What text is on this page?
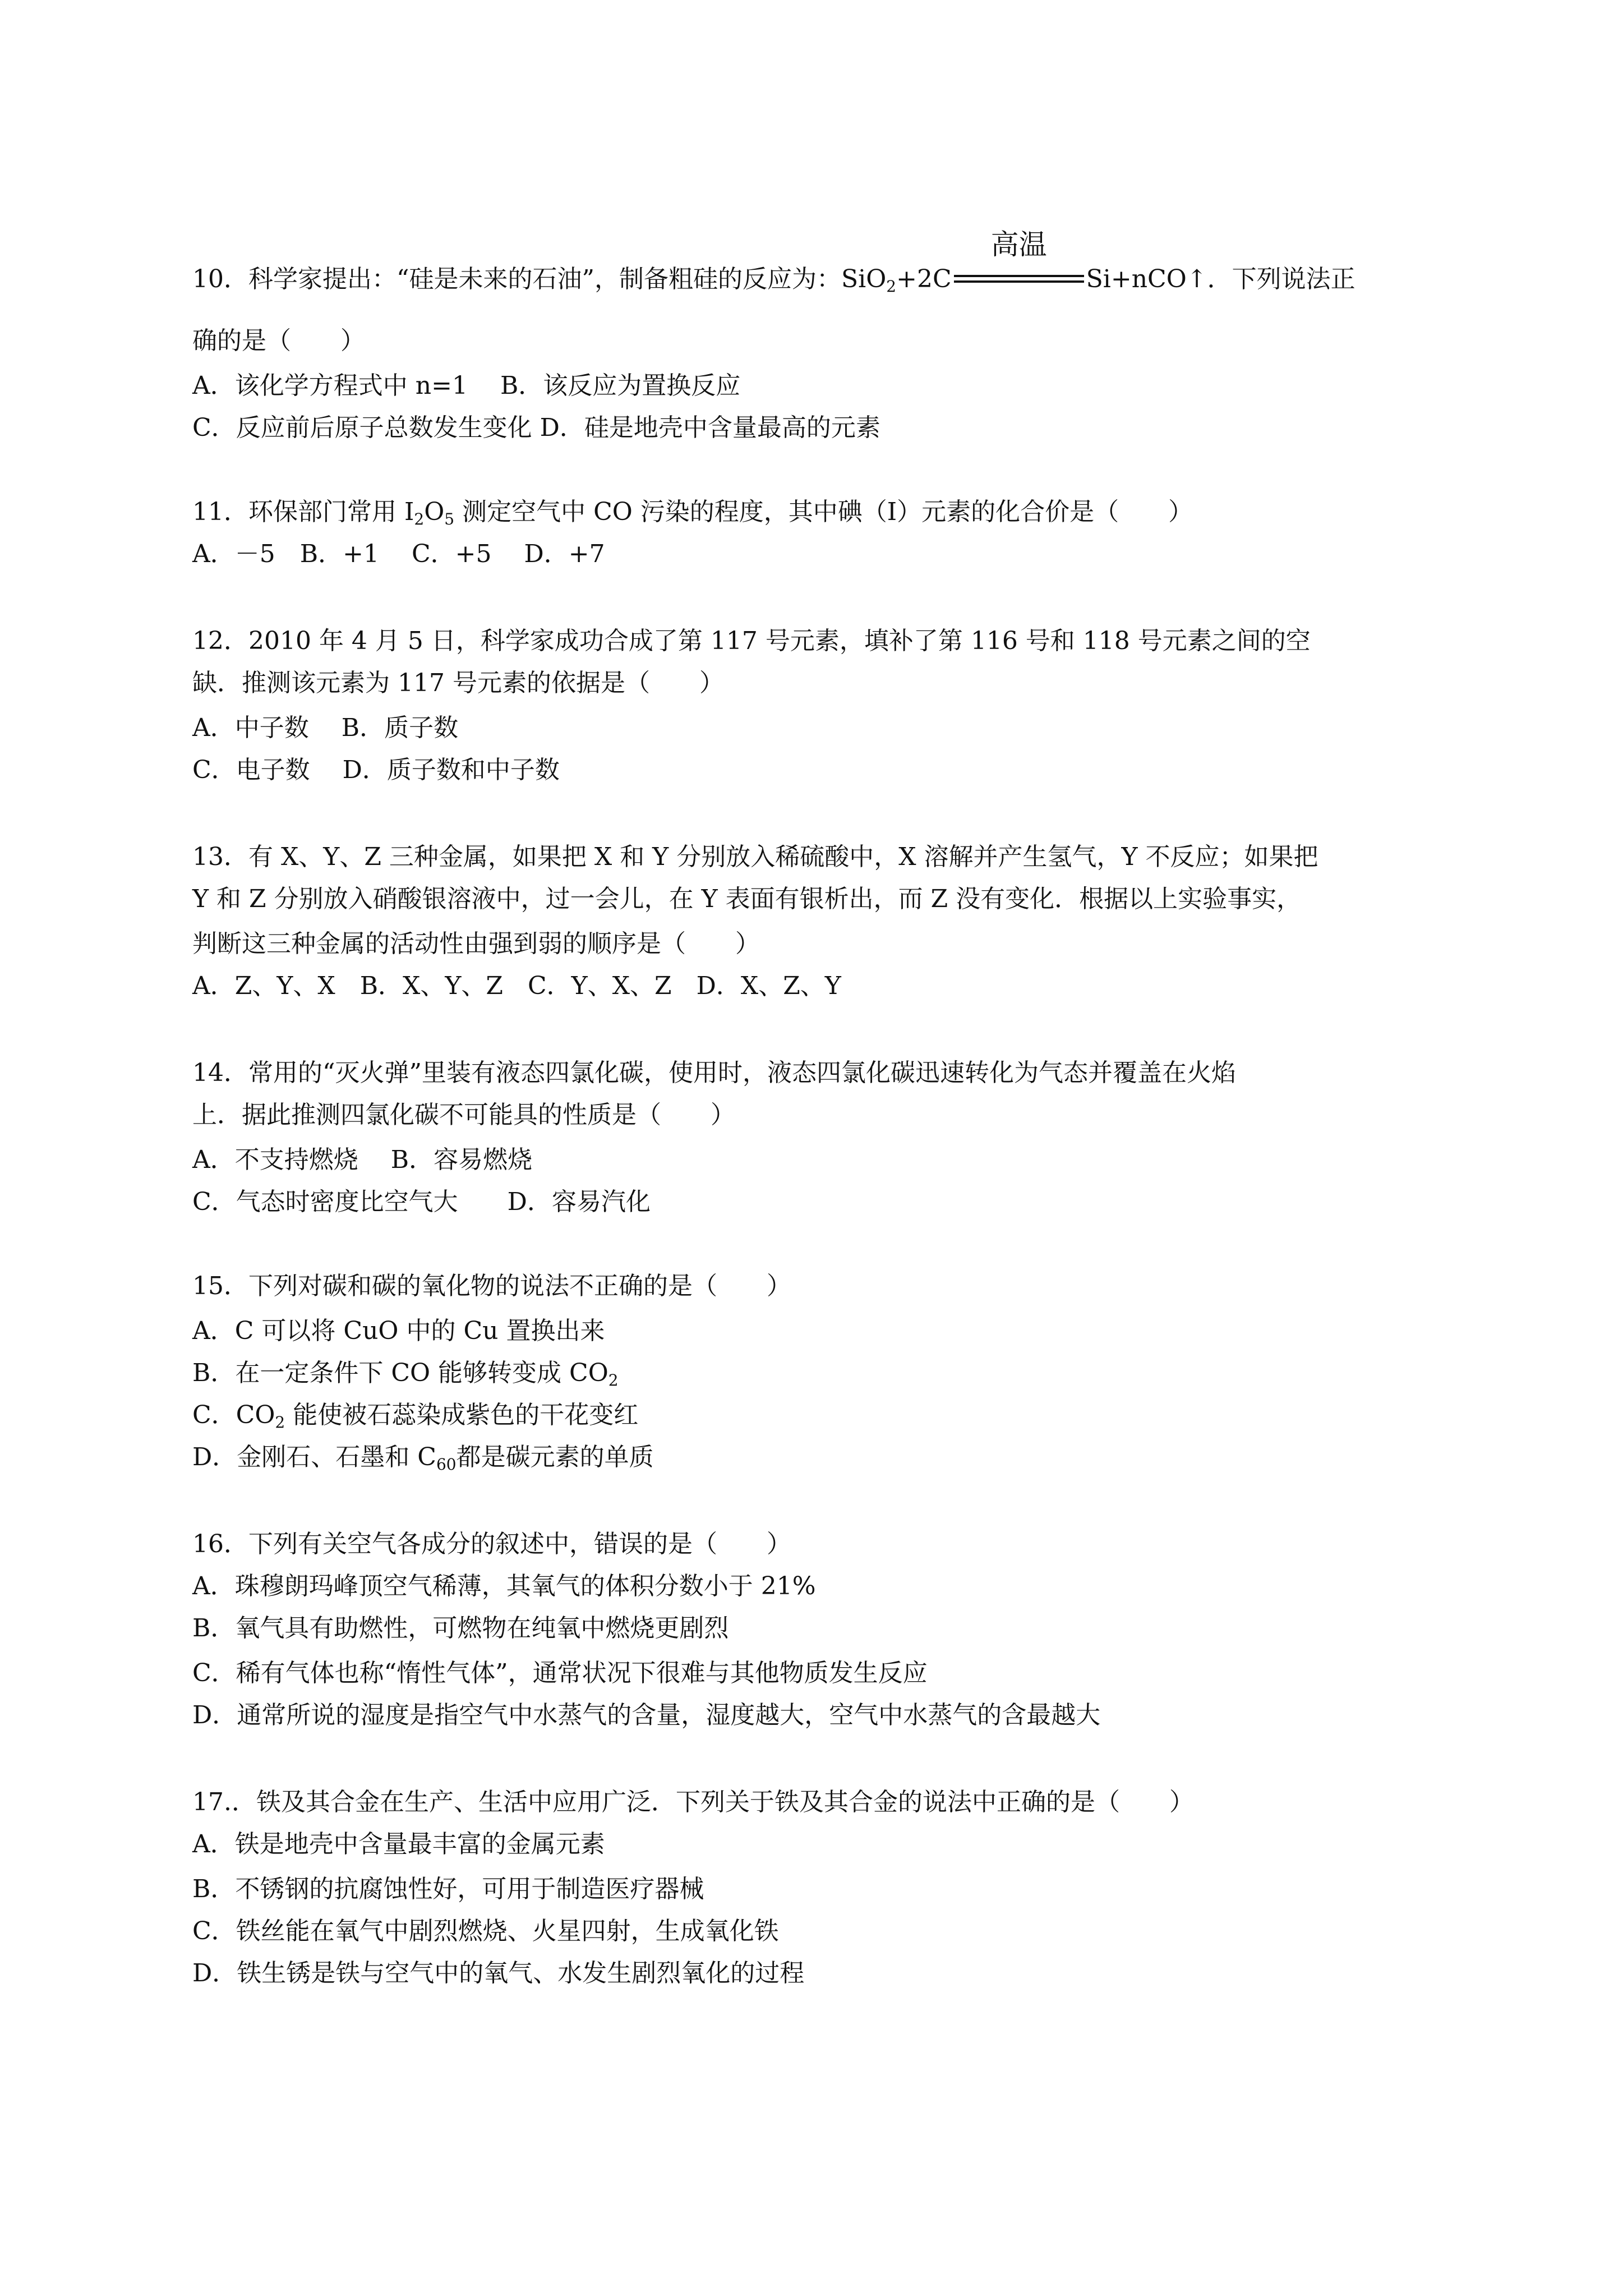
10．科学家提出：“硅是未来的石油”，制备粗硅的反应为：SiO$_2$+2C
高温
Si+nCO↑．下列说法正
确的是（　　）
A．该化学方程式中 n=1　 B．该反应为置换反应
C．反应前后原子总数发生变化 D．硅是地壳中含量最高的元素
11．环保部门常用 $I_2O_5$ 测定空气中 CO 污染的程度，其中碘（I）元素的化合价是（　　）
A．－5　B．+1　 C．+5　 D．+7
12．2010 年 4 月 5 日，科学家成功合成了第 117 号元素，填补了第 116 号和 118 号元素之间的空
缺．推测该元素为 117 号元素的依据是（　　）
A．中子数　 B．质子数
C．电子数　 D．质子数和中子数
13．有 X、Y、Z 三种金属，如果把 X 和 Y 分别放入稀硫酸中，X 溶解并产生氢气，Y 不反应；如果把
Y 和 Z 分别放入硝酸银溶液中，过一会儿，在 Y 表面有银析出，而 Z 没有变化．根据以上实验事实，
判断这三种金属的活动性由强到弱的顺序是（　　）
A．Z、Y、X　B．X、Y、Z　C．Y、X、Z　D．X、Z、Y
14．常用的“灭火弹”里装有液态四氯化碳，使用时，液态四氯化碳迅速转化为气态并覆盖在火焰
上．据此推测四氯化碳不可能具的性质是（　　）
A．不支持燃烧　 B．容易燃烧
C．气态时密度比空气大　　D．容易汽化
15．下列对碳和碳的氧化物的说法不正确的是（　　）
A．C 可以将 CuO 中的 Cu 置换出来
B．在一定条件下 CO 能够转变成 $CO_2$
C．$CO_2$ 能使被石蕊染成紫色的干花变红
D．金刚石、石墨和 $C_{60}$都是碳元素的单质
16．下列有关空气各成分的叙述中，错误的是（　　）
A．珠穆朗玛峰顶空气稀薄，其氧气的体积分数小于 21%
B．氧气具有助燃性，可燃物在纯氧中燃烧更剧烈
C．稀有气体也称“惰性气体”，通常状况下很难与其他物质发生反应
D．通常所说的湿度是指空气中水蒸气的含量，湿度越大，空气中水蒸气的含最越大
17.．铁及其合金在生产、生活中应用广泛．下列关于铁及其合金的说法中正确的是（　　）
A．铁是地壳中含量最丰富的金属元素
B．不锈钢的抗腐蚀性好，可用于制造医疗器械
C．铁丝能在氧气中剧烈燃烧、火星四射，生成氧化铁
D．铁生锈是铁与空气中的氧气、水发生剧烈氧化的过程
